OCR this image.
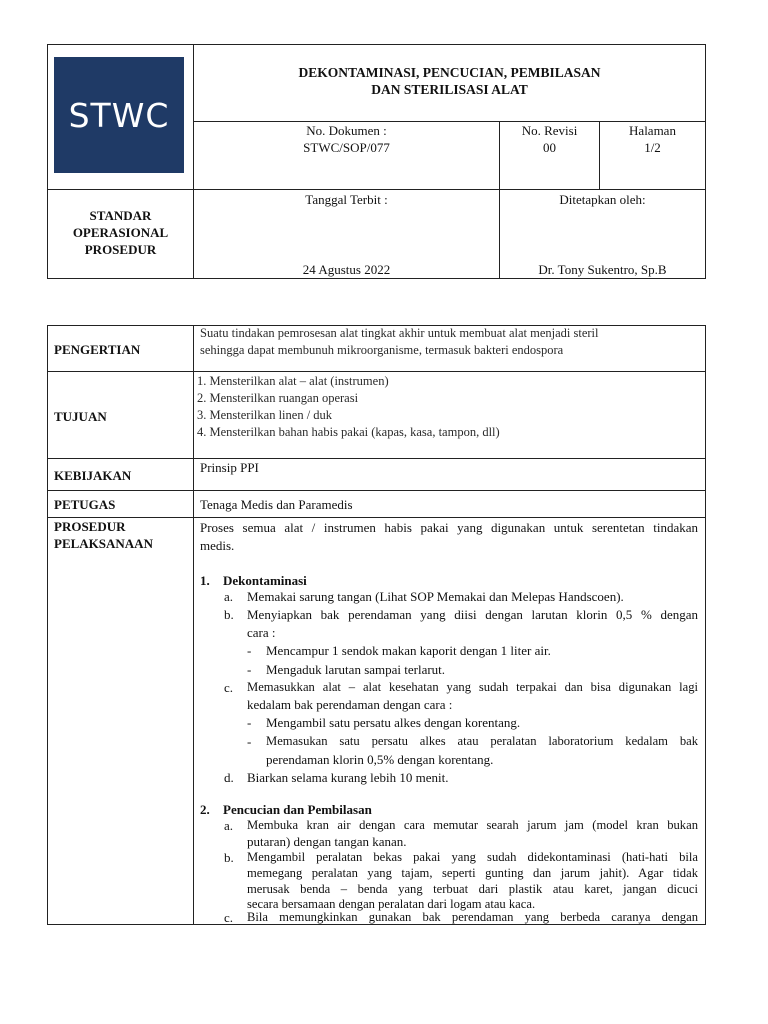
STWC
DEKONTAMINASI, PENCUCIAN, PEMBILASAN
DAN STERILISASI ALAT
No. Dokumen :
STWC/SOP/077
No. Revisi
00
Halaman
1/2
STANDAR
OPERASIONAL
PROSEDUR
Tanggal Terbit :
24 Agustus 2022
Ditetapkan oleh:
Dr. Tony Sukentro, Sp.B
PENGERTIAN
Suatu tindakan pemrosesan alat tingkat akhir untuk membuat alat menjadi steril
sehingga dapat membunuh mikroorganisme, termasuk bakteri endospora
TUJUAN
1. Mensterilkan alat – alat (instrumen)
2. Mensterilkan ruangan operasi
3. Mensterilkan linen / duk
4. Mensterilkan bahan habis pakai (kapas, kasa, tampon, dll)
KEBIJAKAN
Prinsip PPI
PETUGAS	Tenaga Medis dan Paramedis
PROSEDUR
PELAKSANAAN
Proses semua alat / instrumen habis pakai yang digunakan untuk serentetan tindakan
medis.
1. Dekontaminasi
a. Memakai sarung tangan (Lihat SOP Memakai dan Melepas Handscoen).
b. Menyiapkan bak perendaman yang diisi dengan larutan klorin 0,5 % dengan
cara :
- Mencampur 1 sendok makan kaporit dengan 1 liter air.
- Mengaduk larutan sampai terlarut.
c. Memasukkan alat – alat kesehatan yang sudah terpakai dan bisa digunakan lagi
kedalam bak perendaman dengan cara :
- Mengambil satu persatu alkes dengan korentang.
- Memasukan satu persatu alkes atau peralatan laboratorium kedalam bak
perendaman klorin 0,5% dengan korentang.
d. Biarkan selama kurang lebih 10 menit.
2. Pencucian dan Pembilasan
a. Membuka kran air dengan cara memutar searah jarum jam (model kran bukan
putaran) dengan tangan kanan.
b. Mengambil peralatan bekas pakai yang sudah didekontaminasi (hati-hati bila
memegang peralatan yang tajam, seperti gunting dan jarum jahit). Agar tidak
merusak benda – benda yang terbuat dari plastik atau karet, jangan dicuci
secara bersamaan dengan peralatan dari logam atau kaca.
c. Bila memungkinkan gunakan bak perendaman yang berbeda caranya dengan
